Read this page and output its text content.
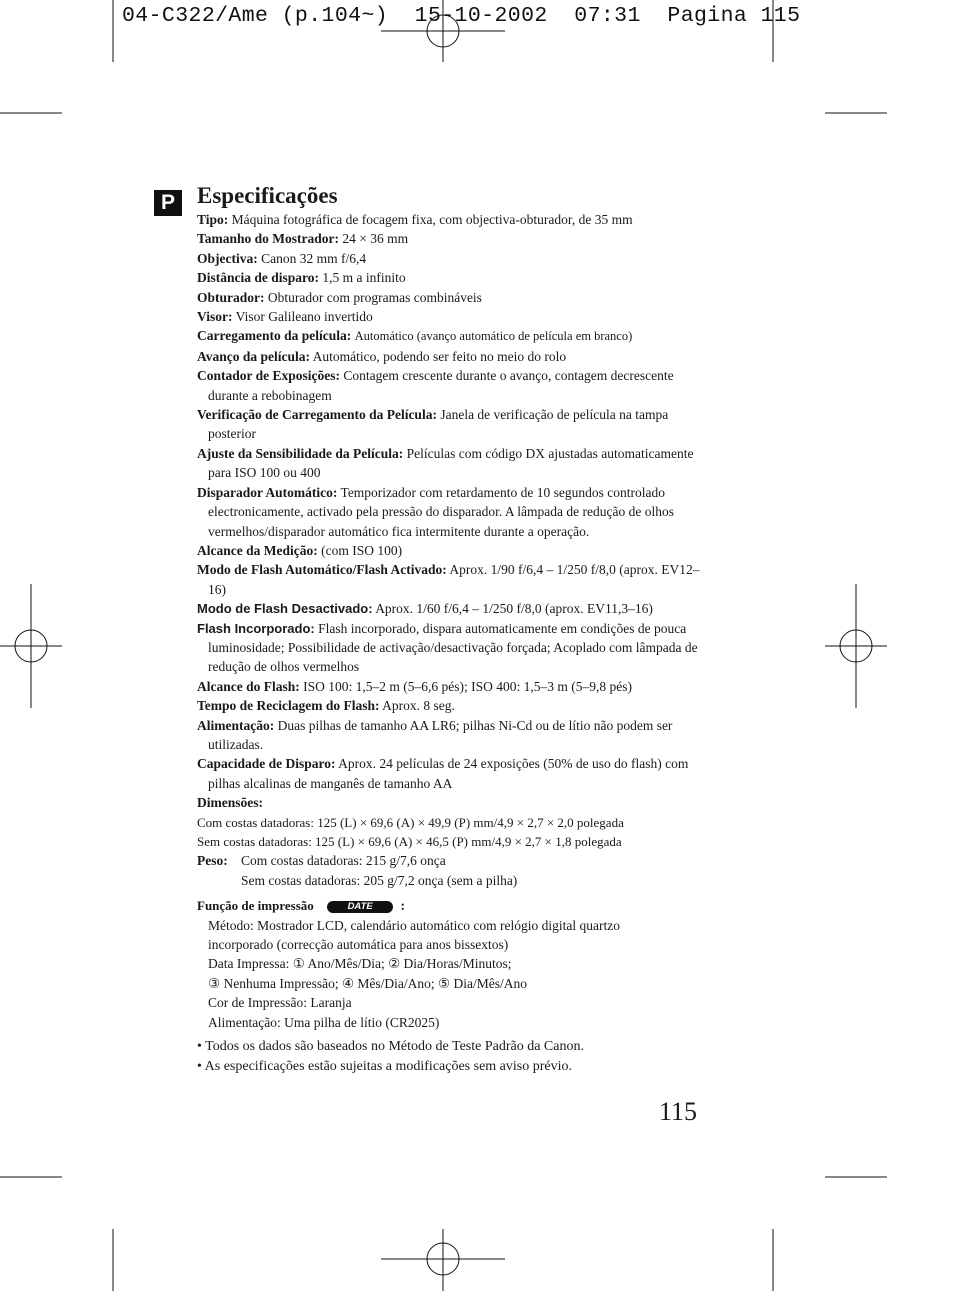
04-C322/Ame (p.104~)  15-10-2002  07:31  Pagina 115
P Especificações
Tipo: Máquina fotográfica de focagem fixa, com objectiva-obturador, de 35 mm
Tamanho do Mostrador: 24 × 36 mm
Objectiva: Canon 32 mm f/6,4
Distância de disparo: 1,5 m a infinito
Obturador: Obturador com programas combináveis
Visor: Visor Galileano invertido
Carregamento da película: Automático (avanço automático de película em branco)
Avanço da película: Automático, podendo ser feito no meio do rolo
Contador de Exposições: Contagem crescente durante o avanço, contagem decrescente durante a rebobinagem
Verificação de Carregamento da Película: Janela de verificação de película na tampa posterior
Ajuste da Sensibilidade da Película: Películas com código DX ajustadas automaticamente para ISO 100 ou 400
Disparador Automático: Temporizador com retardamento de 10 segundos controlado electronicamente, activado pela pressão do disparador. A lâmpada de redução de olhos vermelhos/disparador automático fica intermitente durante a operação.
Alcance da Medição: (com ISO 100)
Modo de Flash Automático/Flash Activado: Aprox. 1/90 f/6,4 – 1/250 f/8,0 (aprox. EV12–16)
Modo de Flash Desactivado: Aprox. 1/60 f/6,4 – 1/250 f/8,0 (aprox. EV11,3–16)
Flash Incorporado: Flash incorporado, dispara automaticamente em condições de pouca luminosidade; Possibilidade de activação/desactivação forçada; Acoplado com lâmpada de redução de olhos vermelhos
Alcance do Flash: ISO 100: 1,5–2 m (5–6,6 pés); ISO 400: 1,5–3 m (5–9,8 pés)
Tempo de Reciclagem do Flash: Aprox. 8 seg.
Alimentação: Duas pilhas de tamanho AA LR6; pilhas Ni-Cd ou de lítio não podem ser utilizadas.
Capacidade de Disparo: Aprox. 24 películas de 24 exposições (50% de uso do flash) com pilhas alcalinas de manganês de tamanho AA
Dimensões:
Com costas datadoras: 125 (L) × 69,6 (A) × 49,9 (P) mm/4,9 × 2,7 × 2,0 polegada
Sem costas datadoras: 125 (L) × 69,6 (A) × 46,5 (P) mm/4,9 × 2,7 × 1,8 polegada
Peso: Com costas datadoras: 215 g/7,6 onça
Sem costas datadoras: 205 g/7,2 onça (sem a pilha)
Função de impressão	DATE :
Método: Mostrador LCD, calendário automático com relógio digital quartzo
incorporado (correcção automática para anos bissextos)
Data Impressa: ① Ano/Mês/Dia; ② Dia/Horas/Minutos;
③ Nenhuma Impressão; ④ Mês/Dia/Ano; ⑤ Dia/Mês/Ano
Cor de Impressão: Laranja
Alimentação: Uma pilha de lítio (CR2025)
• Todos os dados são baseados no Método de Teste Padrão da Canon.
• As especificações estão sujeitas a modificações sem aviso prévio.
115
